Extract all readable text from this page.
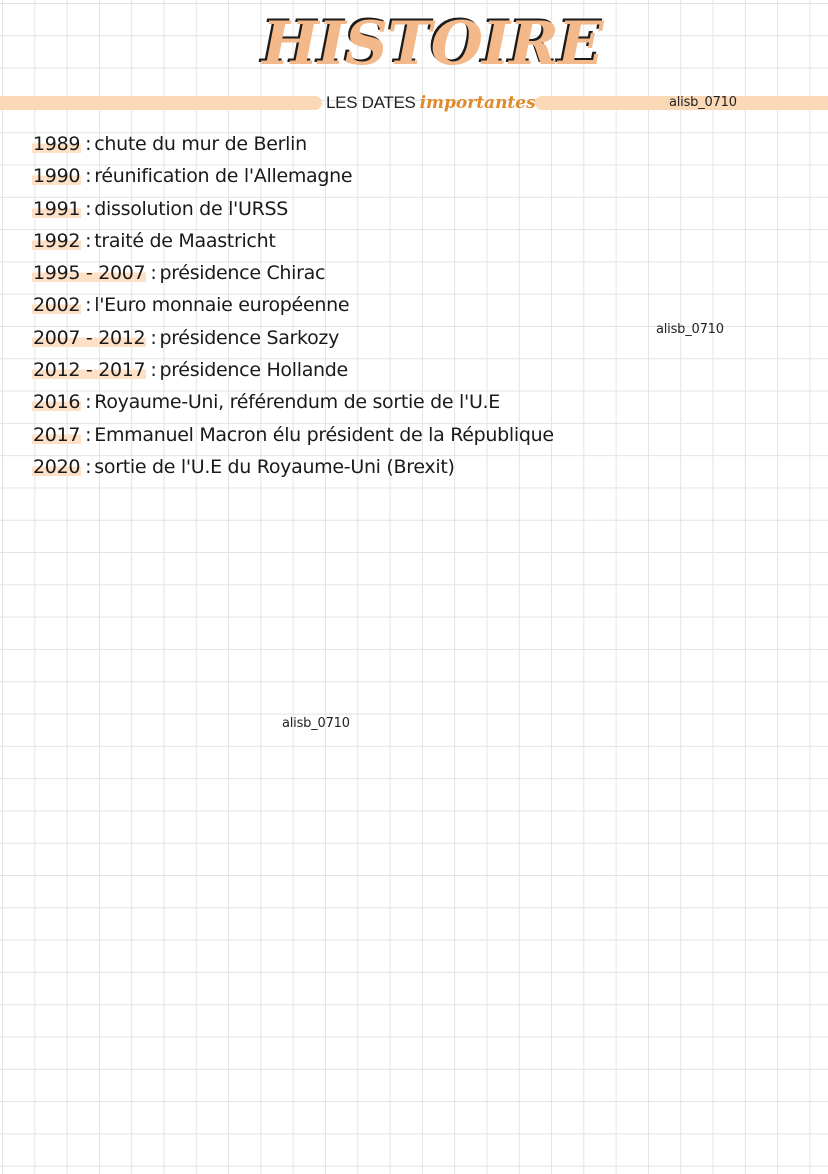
HISTOIRE
LES DATES importantes	alisb_0710
alisb_0710
alisb_0710
1989 : chute du mur de Berlin
1990 : réunification de l'Allemagne
1991 : dissolution de l'URSS
1992 : traité de Maastricht
1995 - 2007 : présidence Chirac
2002 : l'Euro monnaie européenne
2007 - 2012 : présidence Sarkozy
2012 - 2017 : présidence Hollande
2016 : Royaume-Uni, référendum de sortie de l'U.E
2017 : Emmanuel Macron élu président de la République
2020 : sortie de l'U.E du Royaume-Uni (Brexit)
